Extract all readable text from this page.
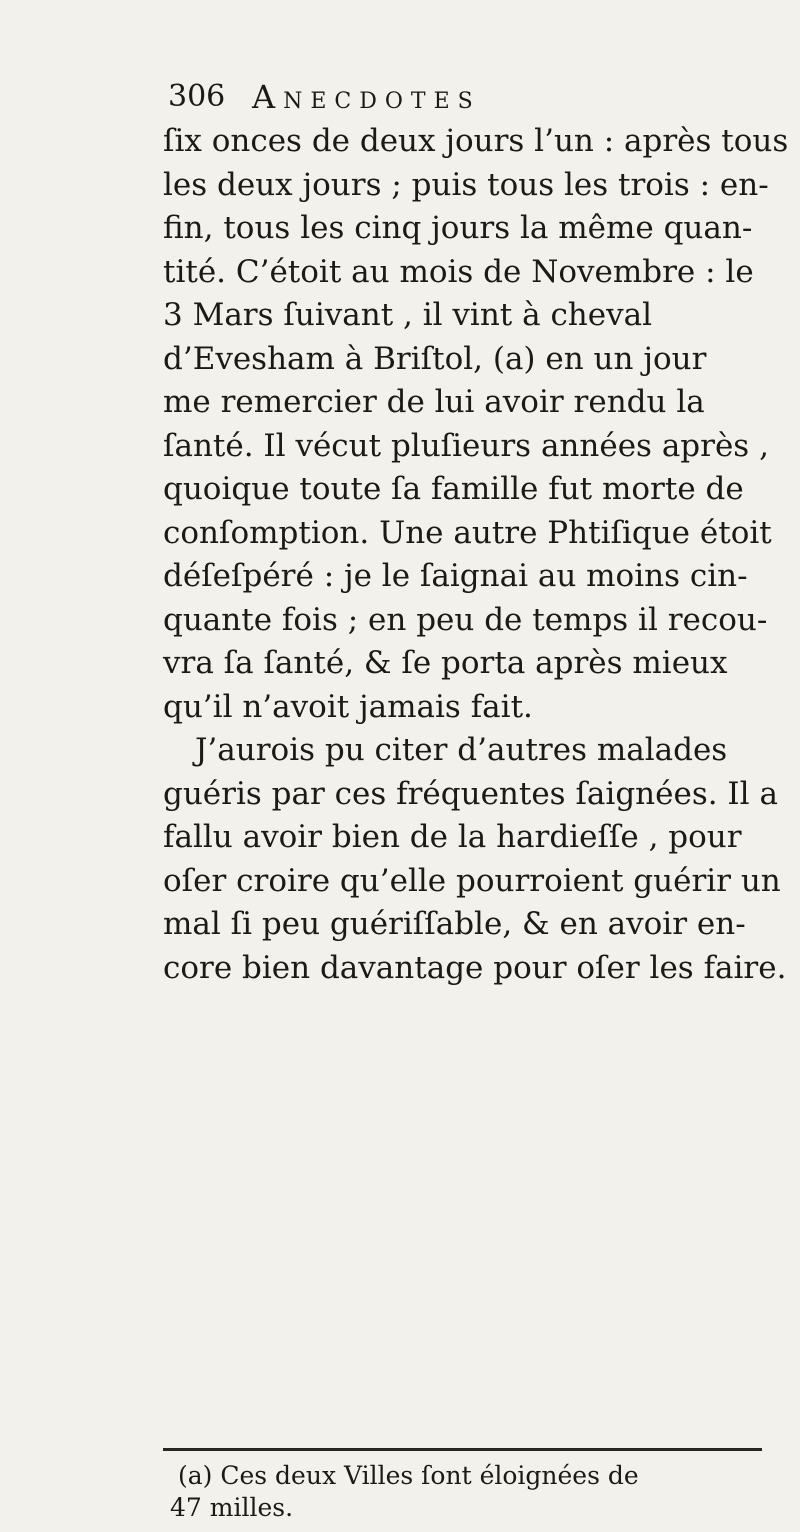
306 Anecdotes
ſix onces de deux jours l’un : après tous
les deux jours ; puis tous les trois : en-
fin, tous les cinq jours la même quan-
tité. C’étoit au mois de Novembre : le
3 Mars ſuivant , il vint à cheval
d’Evesham à Briſtol, (a) en un jour
me remercier de lui avoir rendu la
ſanté. Il vécut pluſieurs années après ,
quoique toute ſa famille fut morte de
conſomption. Une autre Phtiſique étoit
déſeſpéré : je le ſaignai au moins cin-
quante fois ; en peu de temps il recou-
vra ſa ſanté, & ſe porta après mieux
qu’il n’avoit jamais fait.
J’aurois pu citer d’autres malades
guéris par ces fréquentes ſaignées. Il a
fallu avoir bien de la hardieſſe , pour
oſer croire qu’elle pourroient guérir un
mal ſi peu guériſſable, & en avoir en-
core bien davantage pour oſer les faire.
(a) Ces deux Villes ſont éloignées de
47 milles.
